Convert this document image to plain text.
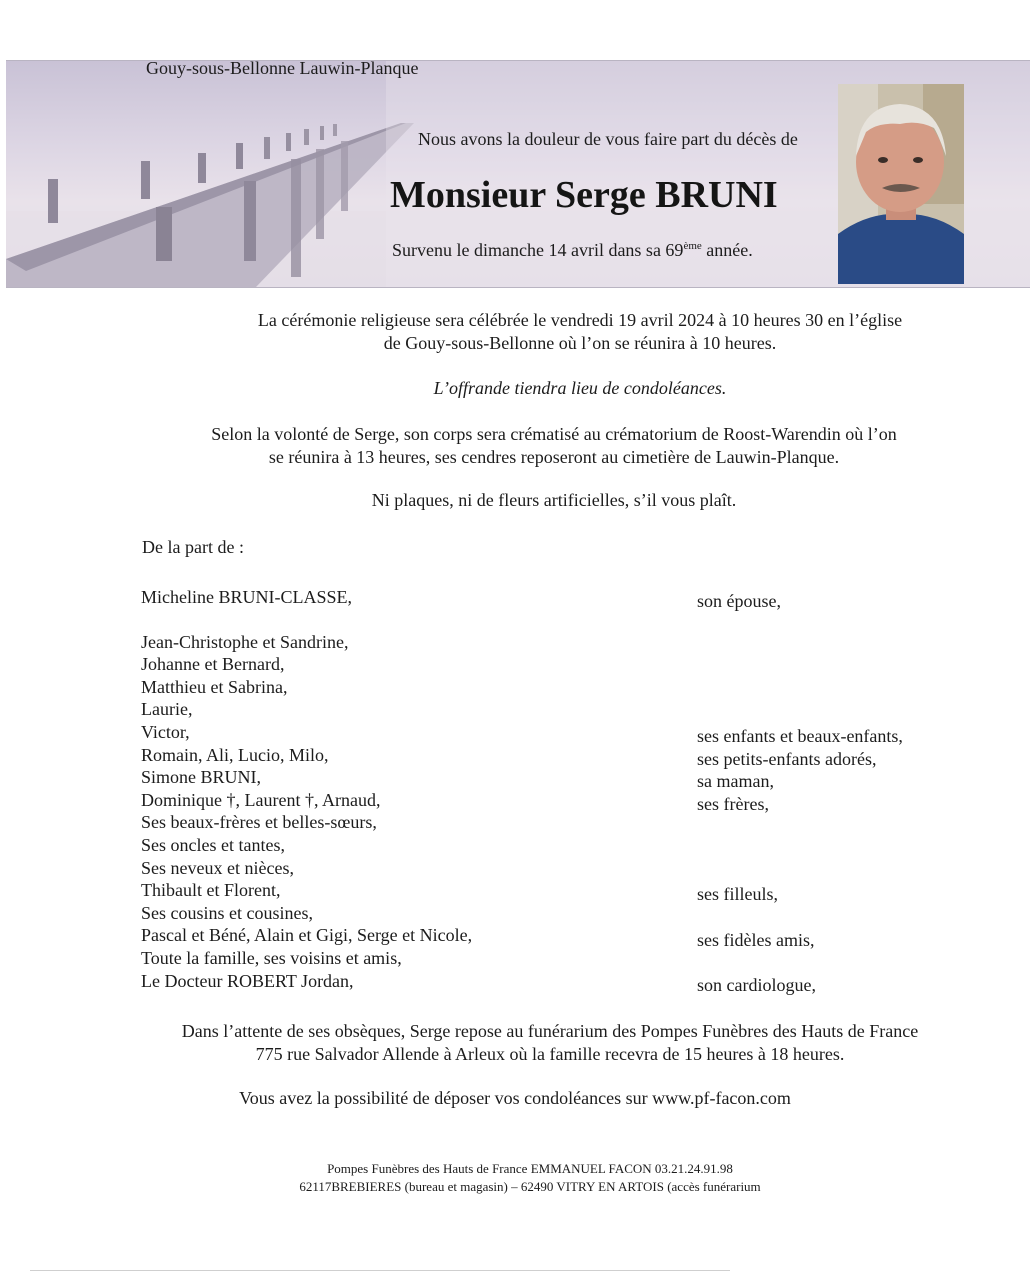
Gouy-sous-Bellonne Lauwin-Planque
Nous avons la douleur de vous faire part du décès de
Monsieur Serge BRUNI
Survenu le dimanche 14 avril dans sa 69ème année.
La cérémonie religieuse sera célébrée le vendredi 19 avril 2024 à 10 heures 30 en l’église
de Gouy-sous-Bellonne où l’on se réunira à 10 heures.
L’offrande tiendra lieu de condoléances.
Selon la volonté de Serge, son corps sera crématisé au crématorium de Roost-Warendin où l’on
se réunira à 13 heures, ses cendres reposeront au cimetière de Lauwin-Planque.
Ni plaques, ni de fleurs artificielles, s’il vous plaît.
De la part de :
Micheline BRUNI-CLASSE,
Jean-Christophe et Sandrine,
Johanne et Bernard,
Matthieu et Sabrina,
Laurie,
Victor,
Romain, Ali, Lucio, Milo,
Simone BRUNI,
Dominique †, Laurent †, Arnaud,
Ses beaux-frères et belles-sœurs,
Ses oncles et tantes,
Ses neveux et nièces,
Thibault et Florent,
Ses cousins et cousines,
Pascal et Béné, Alain et Gigi, Serge et Nicole,
Toute la famille, ses voisins et amis,
Le Docteur ROBERT Jordan,
son épouse,
ses enfants et beaux-enfants,
ses petits-enfants adorés,
sa maman,
ses frères,
ses filleuls,
ses fidèles amis,
son cardiologue,
Dans l’attente de ses obsèques, Serge repose au funérarium des Pompes Funèbres des Hauts de France
775 rue Salvador Allende à Arleux où la famille recevra de 15 heures à 18 heures.
Vous avez la possibilité de déposer vos condoléances sur www.pf-facon.com
Pompes Funèbres des Hauts de France EMMANUEL FACON 03.21.24.91.98
62117BREBIERES (bureau et magasin) – 62490 VITRY EN ARTOIS (accès funérarium
